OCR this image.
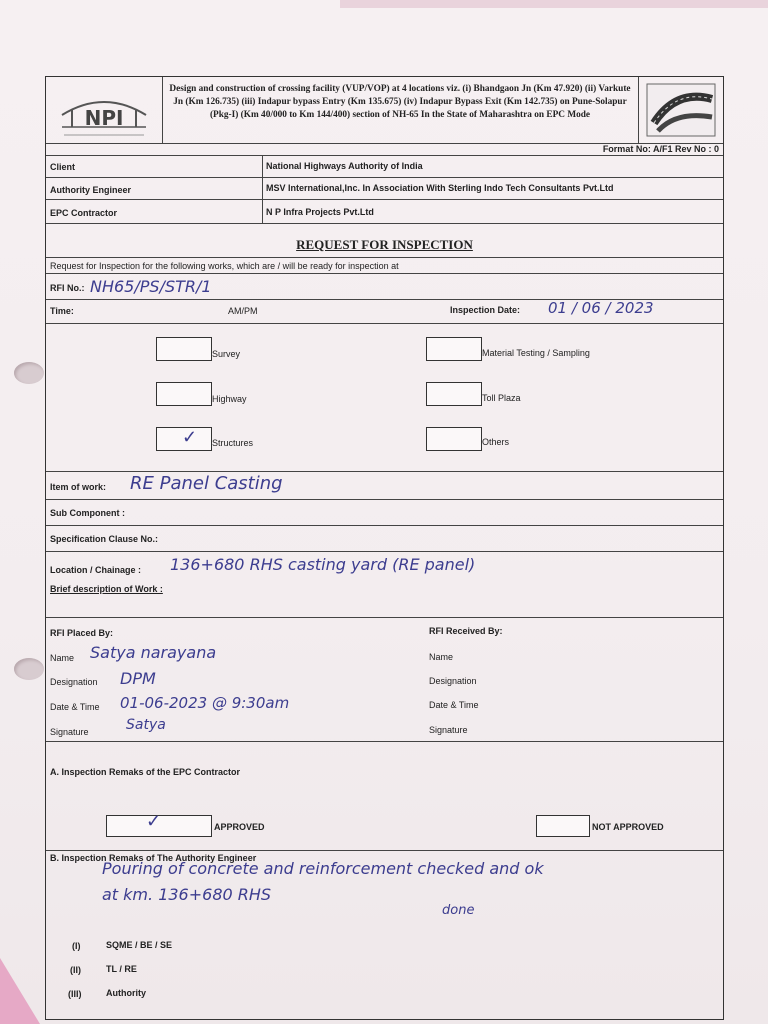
NPI
Design and construction of crossing facility (VUP/VOP) at 4 locations viz. (i) Bhandgaon Jn (Km 47.920) (ii) Varkute Jn (Km 126.735) (iii) Indapur bypass Entry (Km 135.675) (iv) Indapur Bypass Exit (Km 142.735) on Pune-Solapur (Pkg-I) (Km 40/000 to Km 144/400) section of NH-65 In the State of Maharashtra on EPC Mode
Format No: A/F1 Rev No : 0
Client	National Highways Authority of India
Authority Engineer	MSV International,Inc. In Association With Sterling Indo Tech Consultants Pvt.Ltd
EPC Contractor	N P Infra Projects Pvt.Ltd
REQUEST FOR INSPECTION
Request for Inspection for the following works, which are / will be ready for inspection at
RFI No.: NH65/PS/STR/1
Time:	AM/PM	Inspection Date: 01 / 06 / 2023
Survey
Highway
✓ Structures
Material Testing / Sampling
Toll Plaza
Others
Item of work: RE Panel Casting
Sub Component :
Specification Clause No.:
Location / Chainage : 136+680 RHS casting yard (RE panel)
Brief description of Work :
RFI Placed By:
Name Satya narayana
Designation DPM
Date & Time 01-06-2023 @ 9:30am
Signature	Satya
RFI Received By:
Name
Designation
Date & Time
Signature
A. Inspection Remaks of the EPC Contractor
✓	APPROVED	NOT APPROVED
B. Inspection Remaks of The Authority Engineer
Pouring of concrete and reinforcement checked and ok
at km. 136+680 RHS
done
(I)	SQME / BE / SE
(II)	TL / RE
(III)	Authority
